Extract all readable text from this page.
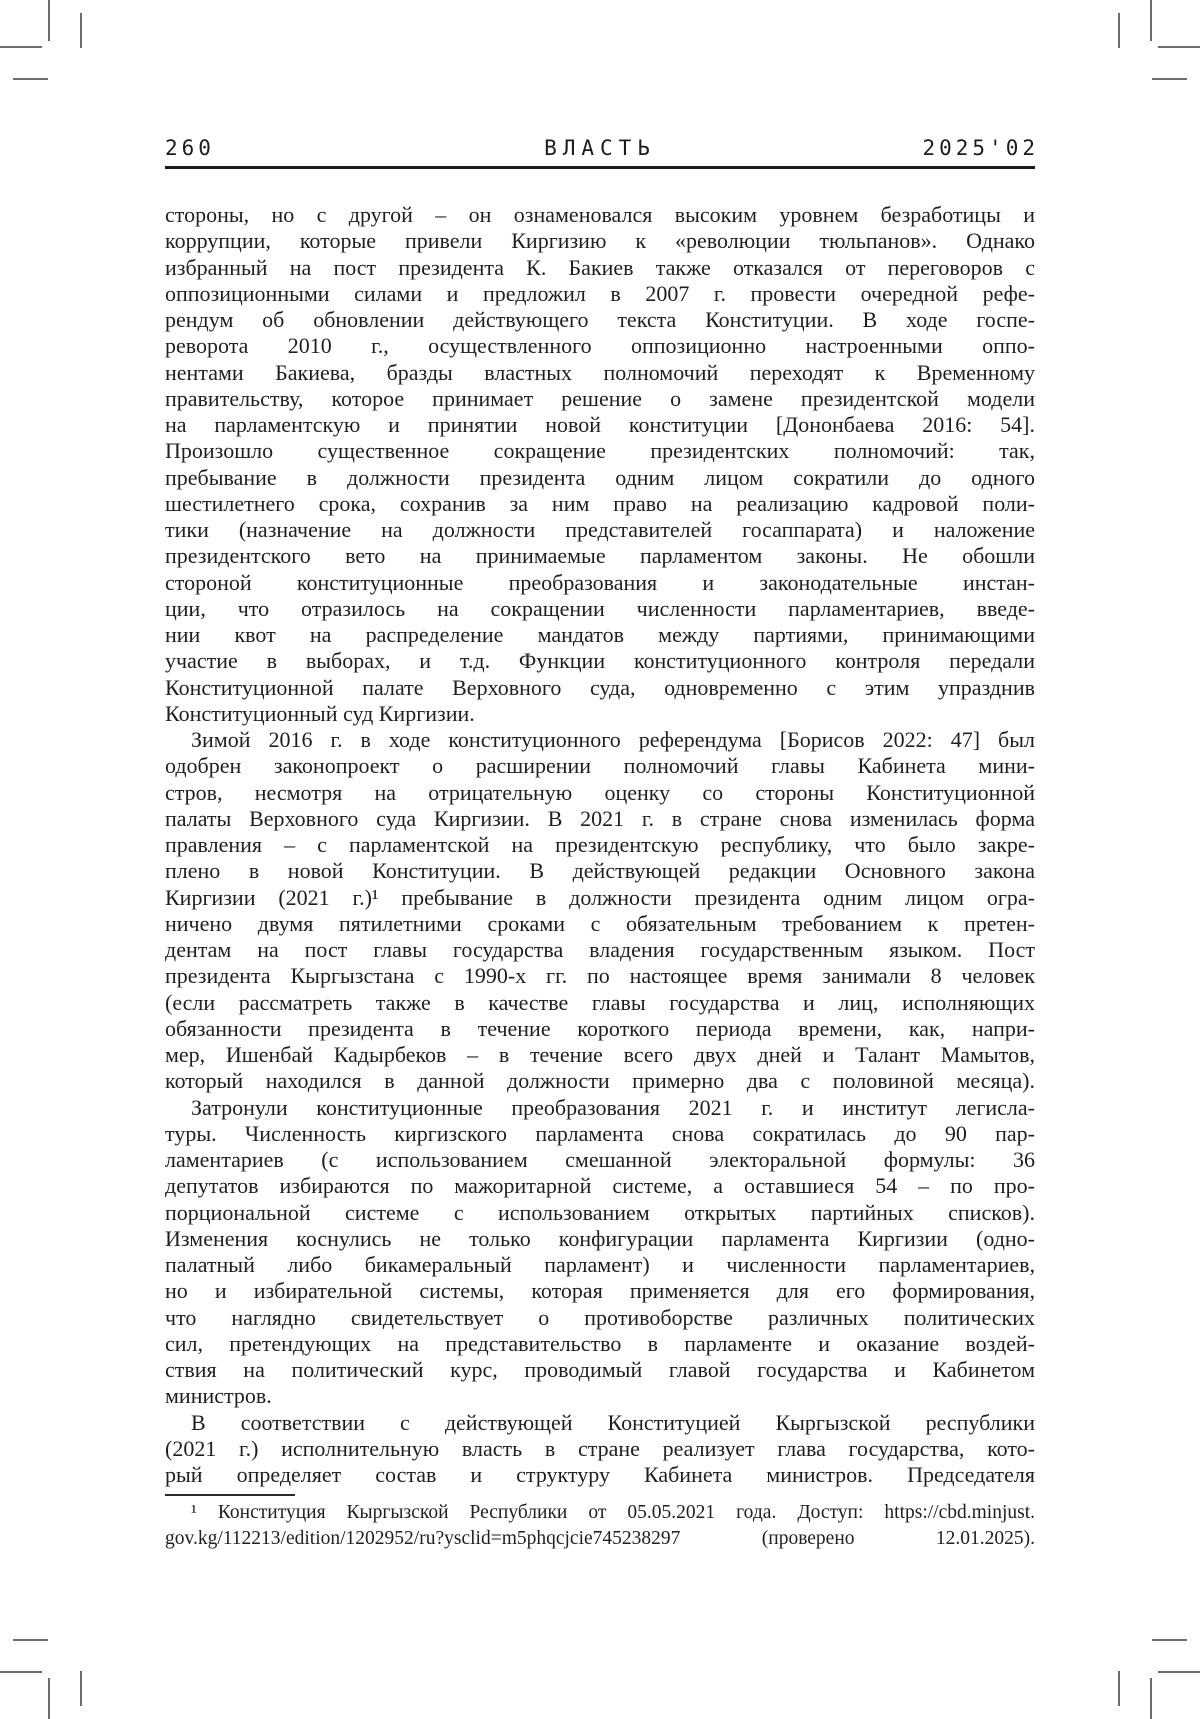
260	ВЛАСТЬ	2025'02
стороны, но с другой – он ознаменовался высоким уровнем безработицы и
коррупции, которые привели Киргизию к «революции тюльпанов». Однако
избранный на пост президента К. Бакиев также отказался от переговоров с
оппозиционными силами и предложил в 2007 г. провести очередной рефе-
рендум об обновлении действующего текста Конституции. В ходе госпе-
реворота 2010 г., осуществленного оппозиционно настроенными оппо-
нентами Бакиева, бразды властных полномочий переходят к Временному
правительству, которое принимает решение о замене президентской модели
на парламентскую и принятии новой конституции [Дононбаева 2016: 54].
Произошло существенное сокращение президентских полномочий: так,
пребывание в должности президента одним лицом сократили до одного
шестилетнего срока, сохранив за ним право на реализацию кадровой поли-
тики (назначение на должности представителей госаппарата) и наложение
президентского вето на принимаемые парламентом законы. Не обошли
стороной конституционные преобразования и законодательные инстан-
ции, что отразилось на сокращении численности парламентариев, введе-
нии квот на распределение мандатов между партиями, принимающими
участие в выборах, и т.д. Функции конституционного контроля передали
Конституционной палате Верховного суда, одновременно с этим упразднив
Конституционный суд Киргизии.
Зимой 2016 г. в ходе конституционного референдума [Борисов 2022: 47] был
одобрен законопроект о расширении полномочий главы Кабинета мини-
стров, несмотря на отрицательную оценку со стороны Конституционной
палаты Верховного суда Киргизии. В 2021 г. в стране снова изменилась форма
правления – с парламентской на президентскую республику, что было закре-
плено в новой Конституции. В действующей редакции Основного закона
Киргизии (2021 г.)¹ пребывание в должности президента одним лицом огра-
ничено двумя пятилетними сроками с обязательным требованием к претен-
дентам на пост главы государства владения государственным языком. Пост
президента Кыргызстана с 1990-х гг. по настоящее время занимали 8 человек
(если рассматреть также в качестве главы государства и лиц, исполняющих
обязанности президента в течение короткого периода времени, как, напри-
мер, Ишенбай Кадырбеков – в течение всего двух дней и Талант Мамытов,
который находился в данной должности примерно два с половиной месяца).
Затронули конституционные преобразования 2021 г. и институт легисла-
туры. Численность киргизского парламента снова сократилась до 90 пар-
ламентариев (с использованием смешанной электоральной формулы: 36
депутатов избираются по мажоритарной системе, а оставшиеся 54 – по про-
порциональной системе с использованием открытых партийных списков).
Изменения коснулись не только конфигурации парламента Киргизии (одно-
палатный либо бикамеральный парламент) и численности парламентариев,
но и избирательной системы, которая применяется для его формирования,
что наглядно свидетельствует о противоборстве различных политических
сил, претендующих на представительство в парламенте и оказание воздей-
ствия на политический курс, проводимый главой государства и Кабинетом
министров.
В соответствии с действующей Конституцией Кыргызской республики
(2021 г.) исполнительную власть в стране реализует глава государства, кото-
рый определяет состав и структуру Кабинета министров. Председателя
¹ Конституция Кыргызской Республики от 05.05.2021 года. Доступ: https://cbd.minjust.
gov.kg/112213/edition/1202952/ru?ysclid=m5phqcjcie745238297 (проверено 12.01.2025).
